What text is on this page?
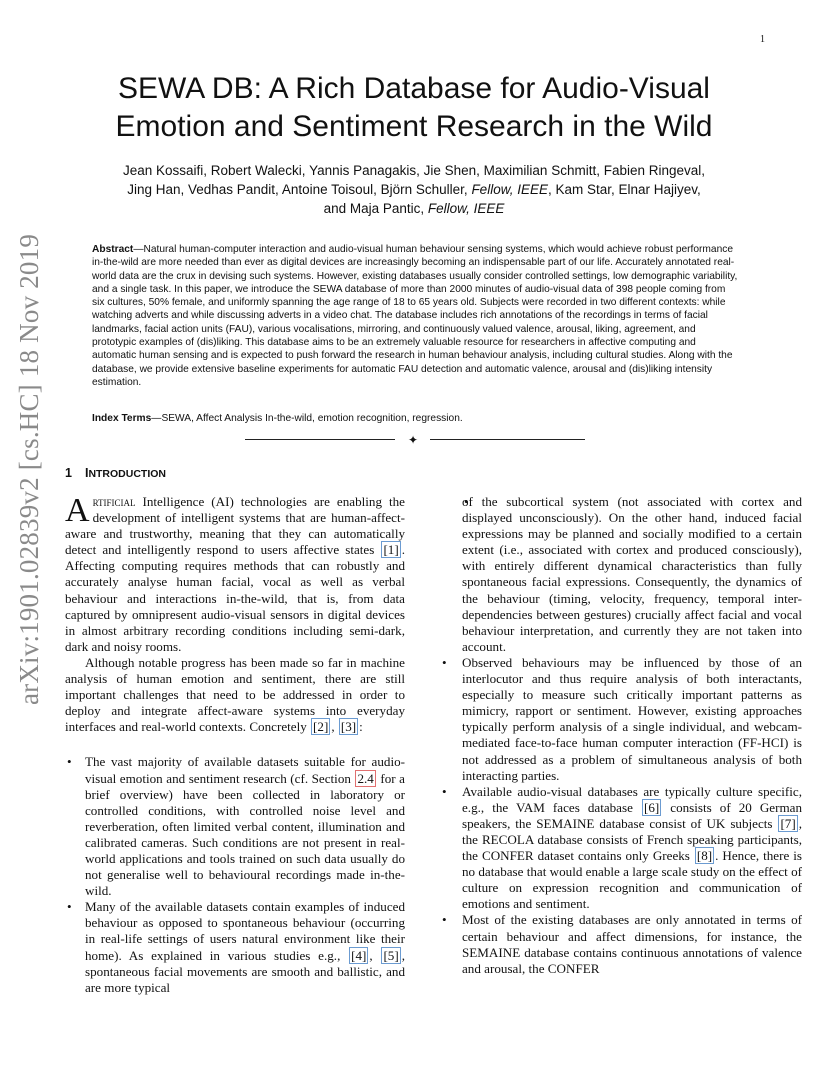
1
arXiv:1901.02839v2 [cs.HC] 18 Nov 2019
SEWA DB: A Rich Database for Audio-Visual Emotion and Sentiment Research in the Wild
Jean Kossaifi, Robert Walecki, Yannis Panagakis, Jie Shen, Maximilian Schmitt, Fabien Ringeval,
Jing Han, Vedhas Pandit, Antoine Toisoul, Björn Schuller, Fellow, IEEE, Kam Star, Elnar Hajiyev,
and Maja Pantic, Fellow, IEEE

Abstract—Natural human-computer interaction and audio-visual human behaviour sensing systems, which would achieve robust performance in-the-wild are more needed than ever as digital devices are increasingly becoming an indispensable part of our life. Accurately annotated real-world data are the crux in devising such systems. However, existing databases usually consider controlled settings, low demographic variability, and a single task. In this paper, we introduce the SEWA database of more than 2000 minutes of audio-visual data of 398 people coming from six cultures, 50% female, and uniformly spanning the age range of 18 to 65 years old. Subjects were recorded in two different contexts: while watching adverts and while discussing adverts in a video chat. The database includes rich annotations of the recordings in terms of facial landmarks, facial action units (FAU), various vocalisations, mirroring, and continuously valued valence, arousal, liking, agreement, and prototypic examples of (dis)liking. This database aims to be an extremely valuable resource for researchers in affective computing and automatic human sensing and is expected to push forward the research in human behaviour analysis, including cultural studies. Along with the database, we provide extensive baseline experiments for automatic FAU detection and automatic valence, arousal and (dis)liking intensity estimation.

Index Terms—SEWA, Affect Analysis In-the-wild, emotion recognition, regression.

✦
1 INTRODUCTION

Artificial Intelligence (AI) technologies are enabling the development of intelligent systems that are human-affect-aware and trustworthy, meaning that they can automatically detect and intelligently respond to users affective states [1] . Affecting computing requires methods that can robustly and accurately analyse human facial, vocal as well as verbal behaviour and interactions in-the-wild, that is, from data captured by omnipresent audio-visual sensors in digital devices in almost arbitrary recording conditions including semi-dark, dark and noisy rooms.

Although notable progress has been made so far in machine analysis of human emotion and sentiment, there are still important challenges that need to be addressed in order to deploy and integrate affect-aware systems into everyday interfaces and real-world contexts. Concretely [2] , [3] :

• The vast majority of available datasets suitable for audio-visual emotion and sentiment research (cf. Section 2.4 for a brief overview) have been collected in laboratory or controlled conditions, with controlled noise level and reverberation, often limited verbal content, illumination and calibrated cameras. Such conditions are not present in real-world applications and tools trained on such data usually do not generalise well to behavioural recordings made in-the-wild.
• Many of the available datasets contain examples of induced behaviour as opposed to spontaneous behaviour (occurring in real-life settings of users natural environment like their home). As explained in various studies e.g., [4] , [5] , spontaneous facial movements are smooth and ballistic, and are more typical
• of the subcortical system (not associated with cortex and displayed unconsciously). On the other hand, induced facial expressions may be planned and socially modified to a certain extent (i.e., associated with cortex and produced consciously), with entirely different dynamical characteristics than fully spontaneous facial expressions. Consequently, the dynamics of the behaviour (timing, velocity, frequency, temporal inter-dependencies between gestures) crucially affect facial and vocal behaviour interpretation, and currently they are not taken into account.
• Observed behaviours may be influenced by those of an interlocutor and thus require analysis of both interactants, especially to measure such critically important patterns as mimicry, rapport or sentiment. However, existing approaches typically perform analysis of a single individual, and webcam-mediated face-to-face human computer interaction (FF-HCI) is not addressed as a problem of simultaneous analysis of both interacting parties.
• Available audio-visual databases are typically culture specific, e.g., the VAM faces database [6] consists of 20 German speakers, the SEMAINE database consist of UK subjects [7] , the RECOLA database consists of French speaking participants, the CONFER dataset contains only Greeks [8] . Hence, there is no database that would enable a large scale study on the effect of culture on expression recognition and communication of emotions and sentiment.
• Most of the existing databases are only annotated in terms of certain behaviour and affect dimensions, for instance, the SEMAINE database contains continuous annotations of valence and arousal, the CONFER
